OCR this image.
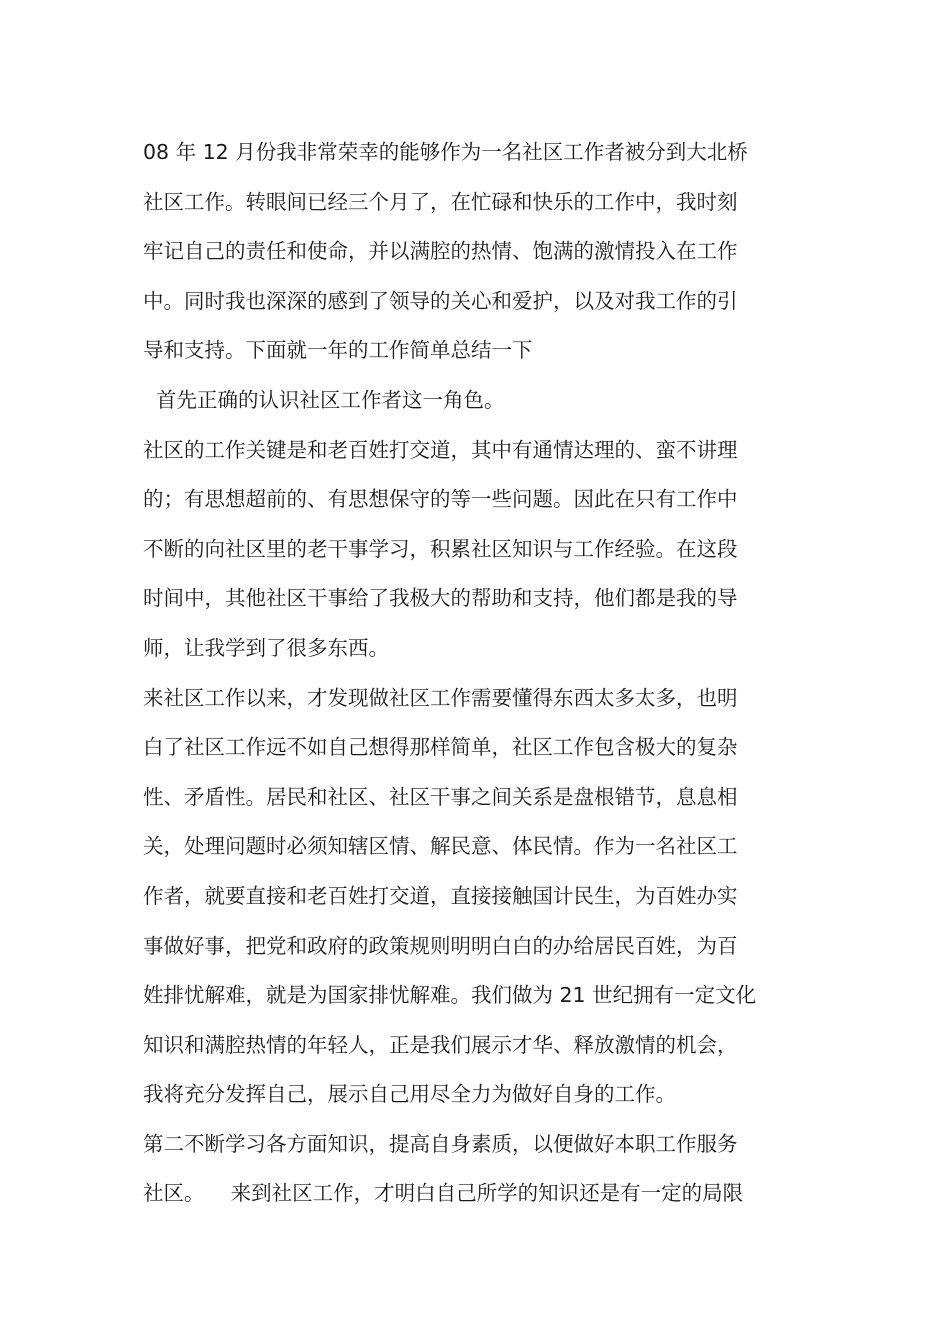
08 年 12 月份我非常荣幸的能够作为一名社区工作者被分到大北桥
社区工作。转眼间已经三个月了，在忙碌和快乐的工作中，我时刻
牢记自己的责任和使命，并以满腔的热情、饱满的激情投入在工作
中。同时我也深深的感到了领导的关心和爱护，以及对我工作的引
导和支持。下面就一年的工作简单总结一下
首先正确的认识社区工作者这一角色。
社区的工作关键是和老百姓打交道，其中有通情达理的、蛮不讲理
的；有思想超前的、有思想保守的等一些问题。因此在只有工作中
不断的向社区里的老干事学习，积累社区知识与工作经验。在这段
时间中，其他社区干事给了我极大的帮助和支持，他们都是我的导
师，让我学到了很多东西。
来社区工作以来，才发现做社区工作需要懂得东西太多太多，也明
白了社区工作远不如自己想得那样简单，社区工作包含极大的复杂
性、矛盾性。居民和社区、社区干事之间关系是盘根错节，息息相
关，处理问题时必须知辖区情、解民意、体民情。作为一名社区工
作者，就要直接和老百姓打交道，直接接触国计民生，为百姓办实
事做好事，把党和政府的政策规则明明白白的办给居民百姓，为百
姓排忧解难，就是为国家排忧解难。我们做为 21 世纪拥有一定文化
知识和满腔热情的年轻人，正是我们展示才华、释放激情的机会，
我将充分发挥自己，展示自己用尽全力为做好自身的工作。
第二不断学习各方面知识，提高自身素质，以便做好本职工作服务
社区。    来到社区工作，才明白自己所学的知识还是有一定的局限
